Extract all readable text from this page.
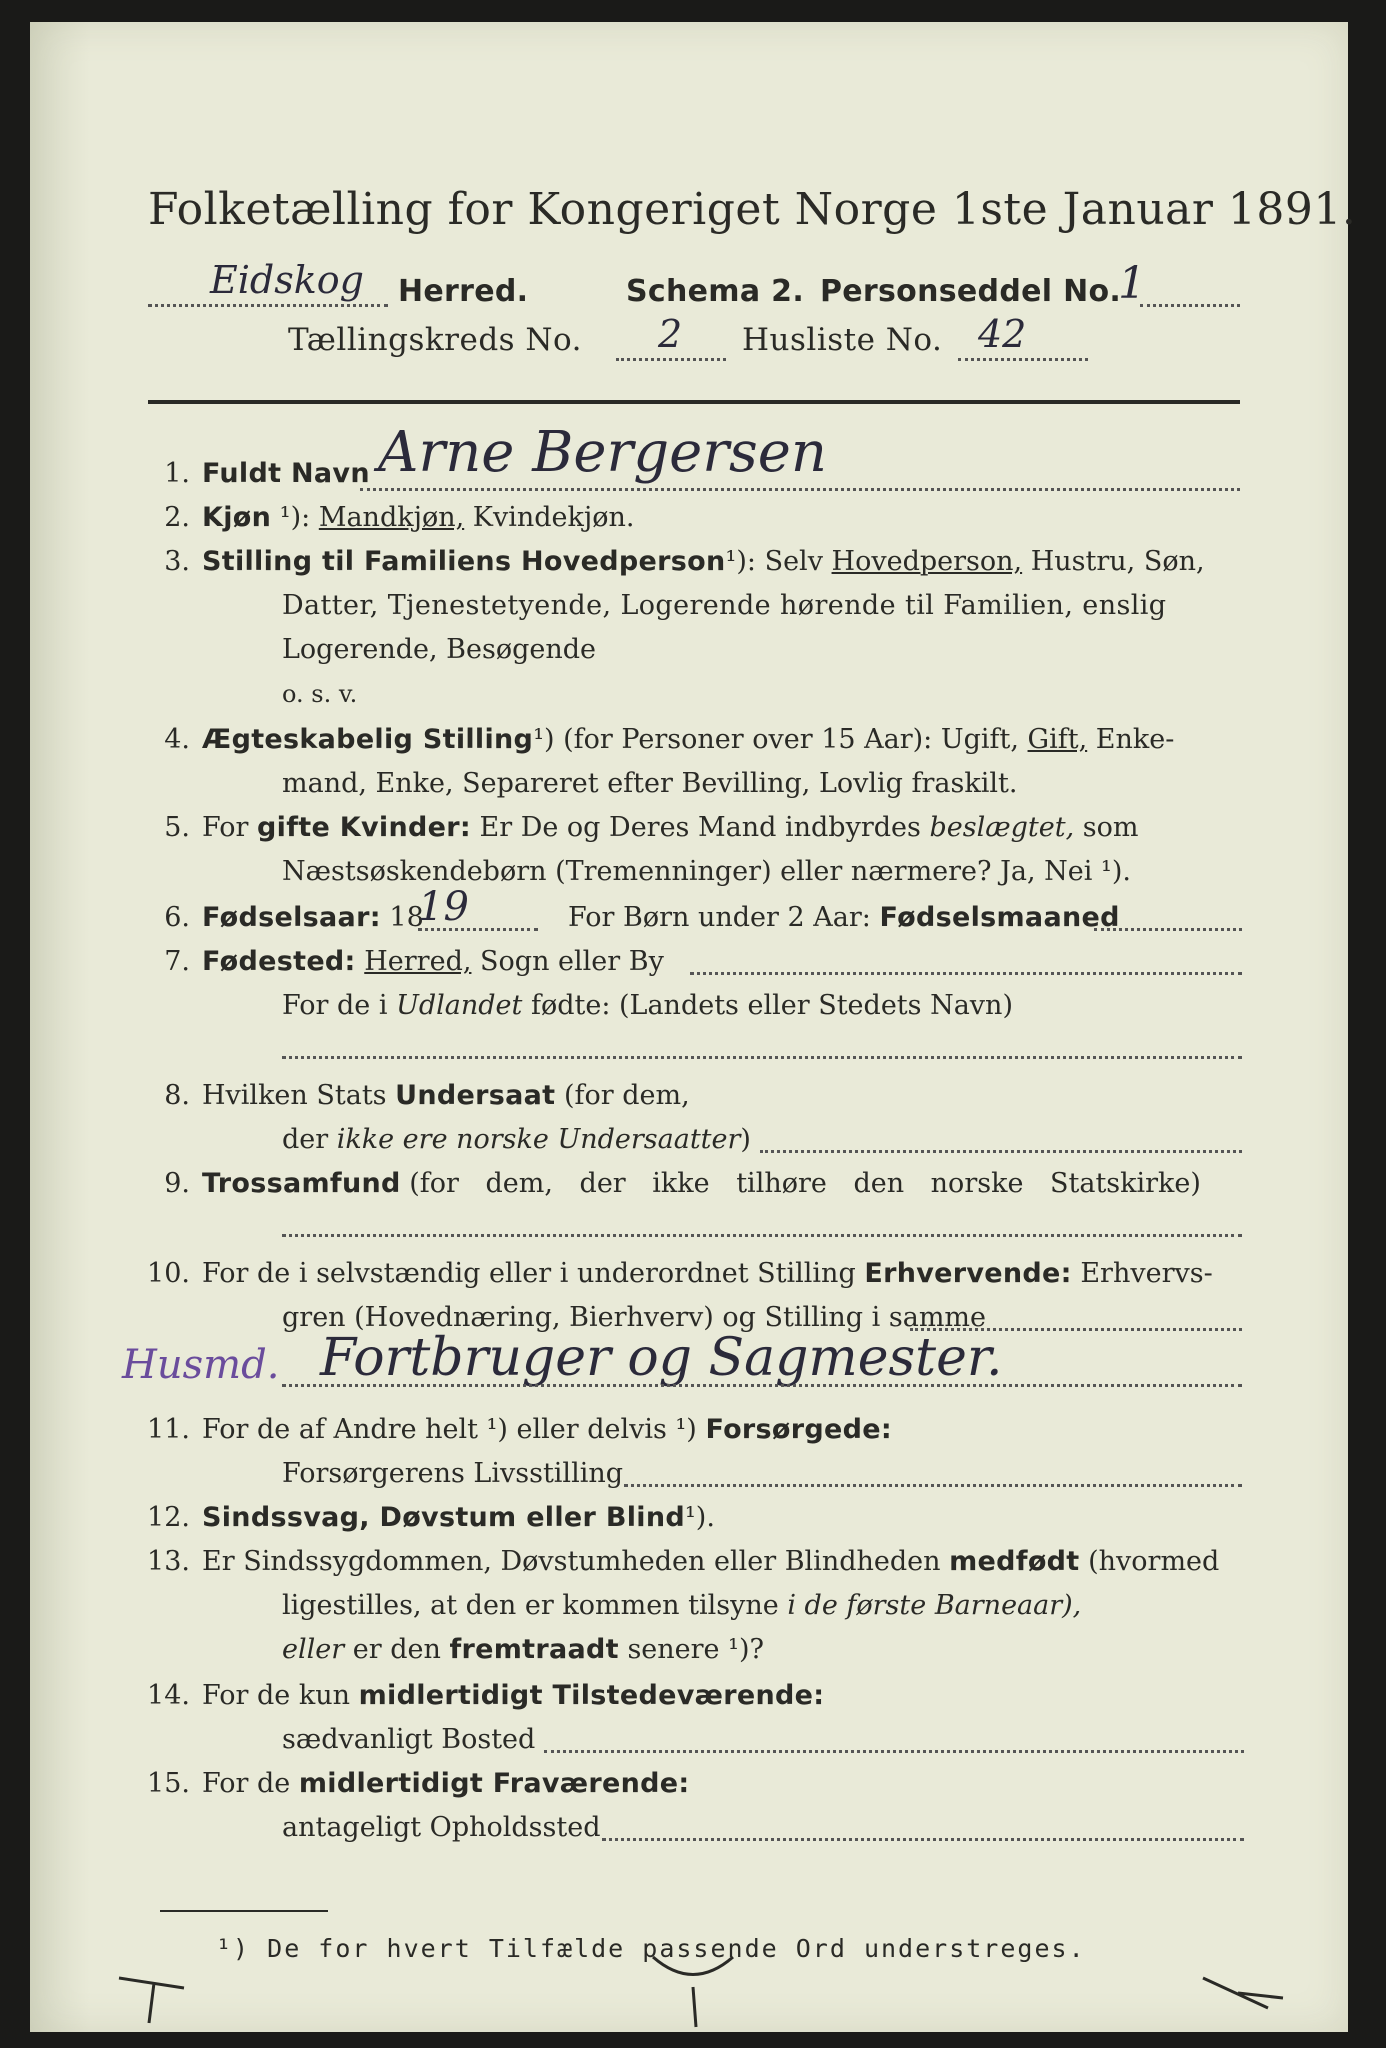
Folketælling for Kongeriget Norge 1ste Januar 1891.
Eidskog Herred.	Schema 2. Personseddel No.
1
Tællingskreds No. 2 Husliste No. 42
1. Fuldt Navn Arne Bergersen
2. Kjøn ¹): Mandkjøn, Kvindekjøn.
3. Stilling til Familiens Hovedperson¹): Selv Hovedperson, Hustru, Søn,
Datter, Tjenestetyende, Logerende hørende til Familien, enslig
Logerende, Besøgende
o. s. v.
4. Ægteskabelig Stilling¹) (for Personer over 15 Aar): Ugift, Gift, Enke-
mand, Enke, Separeret efter Bevilling, Lovlig fraskilt.
5. For gifte Kvinder: Er De og Deres Mand indbyrdes beslægtet, som
Næstsøskendebørn (Tremenninger) eller nærmere? Ja, Nei ¹).
6. Fødselsaar: 18
19	For Børn under 2 Aar: Fødselsmaaned
7. Fødested: Herred, Sogn eller By
For de i Udlandet fødte: (Landets eller Stedets Navn)
8. Hvilken Stats Undersaat (for dem,
der ikke ere norske Undersaatter)
9. Trossamfund (for dem, der ikke tilhøre den norske Statskirke)
10. For de i selvstændig eller i underordnet Stilling Erhvervende: Erhvervs-
gren (Hovednæring, Bierhverv) og Stilling i samme
Husmd. Fortbruger og Sagmester.
11. For de af Andre helt ¹) eller delvis ¹) Forsørgede:
Forsørgerens Livsstilling
12. Sindssvag, Døvstum eller Blind¹).
13. Er Sindssygdommen, Døvstumheden eller Blindheden medfødt (hvormed
ligestilles, at den er kommen tilsyne i de første Barneaar),
eller er den fremtraadt senere ¹)?
14. For de kun midlertidigt Tilstedeværende:
sædvanligt Bosted
15. For de midlertidigt Fraværende:
antageligt Opholdssted
¹) De for hvert Tilfælde passende Ord understreges.
